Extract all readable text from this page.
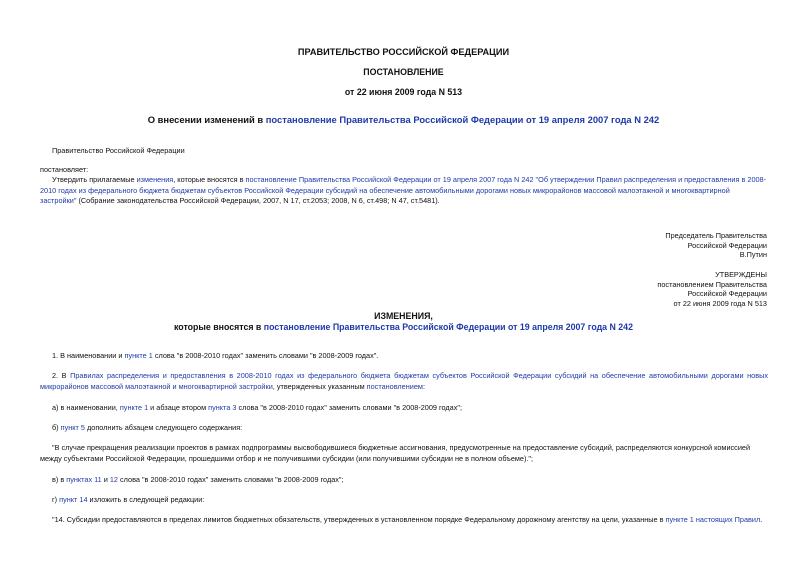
ПРАВИТЕЛЬСТВО РОССИЙСКОЙ ФЕДЕРАЦИИ
ПОСТАНОВЛЕНИЕ
от 22 июня 2009 года N 513
О внесении изменений в постановление Правительства Российской Федерации от 19 апреля 2007 года N 242
Правительство Российской Федерации
постановляет:
Утвердить прилагаемые изменения, которые вносятся в постановление Правительства Российской Федерации от 19 апреля 2007 года N 242 "Об утверждении Правил распределения и предоставления в 2008-2010 годах из федерального бюджета бюджетам субъектов Российской Федерации субсидий на обеспечение автомобильными дорогами новых микрорайонов массовой малоэтажной и многоквартирной застройки" (Собрание законодательства Российской Федерации, 2007, N 17, ст.2053; 2008, N 6, ст.498; N 47, ст.5481).
Председатель Правительства
Российской Федерации
В.Путин
УТВЕРЖДЕНЫ
постановлением Правительства
Российской Федерации
от 22 июня 2009 года N 513
ИЗМЕНЕНИЯ,
которые вносятся в постановление Правительства Российской Федерации от 19 апреля 2007 года N 242
1. В наименовании и пункте 1 слова "в 2008-2010 годах" заменить словами "в 2008-2009 годах".
2. В Правилах распределения и предоставления в 2008-2010 годах из федерального бюджета бюджетам субъектов Российской Федерации субсидий на обеспечение автомобильными дорогами новых микрорайонов массовой малоэтажной и многоквартирной застройки, утвержденных указанным постановлением:
а) в наименовании, пункте 1 и абзаце втором пункта 3 слова "в 2008-2010 годах" заменить словами "в 2008-2009 годах";
б) пункт 5 дополнить абзацем следующего содержания:
"В случае прекращения реализации проектов в рамках подпрограммы высвободившиеся бюджетные ассигнования, предусмотренные на предоставление субсидий, распределяются конкурсной комиссией между субъектами Российской Федерации, прошедшими отбор и не получившими субсидии (или получившими субсидии не в полном объеме).";
в) в пунктах 11 и 12 слова "в 2008-2010 годах" заменить словами "в 2008-2009 годах";
г) пункт 14 изложить в следующей редакции:
"14. Субсидии предоставляются в пределах лимитов бюджетных обязательств, утвержденных в установленном порядке Федеральному дорожному агентству на цели, указанные в пункте 1 настоящих Правил.
